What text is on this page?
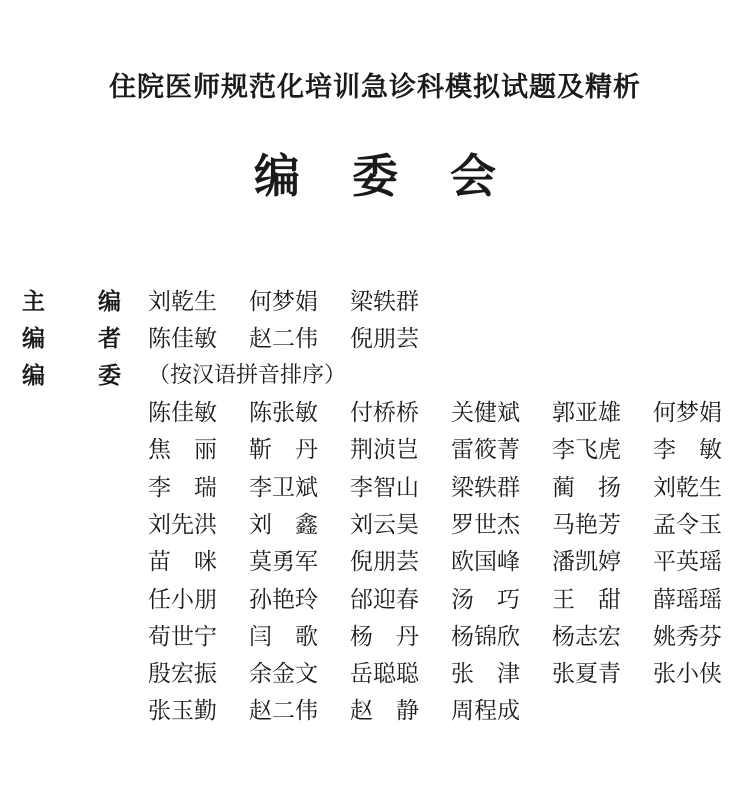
住院医师规范化培训急诊科模拟试题及精析
编 委 会
主 编 刘乾生 何梦娟 梁轶群
编 者 陈佳敏 赵二伟 倪朋芸
编 委 （按汉语拼音排序）
陈佳敏 陈张敏 付桥桥 关健斌 郭亚雄 何梦娟
焦　丽 靳　丹 荆浈岂 雷筱菁 李飞虎 李　敏
李　瑞 李卫斌 李智山 梁轶群 蔺　扬 刘乾生
刘先洪 刘　鑫 刘云昊 罗世杰 马艳芳 孟令玉
苗　咪 莫勇军 倪朋芸 欧国峰 潘凯婷 平英瑶
任小朋 孙艳玲 邰迎春 汤　巧 王　甜 薛瑶瑶
荀世宁 闫　歌 杨　丹 杨锦欣 杨志宏 姚秀芬
殷宏振 余金文 岳聪聪 张　津 张夏青 张小侠
张玉勤 赵二伟 赵　静 周程成
